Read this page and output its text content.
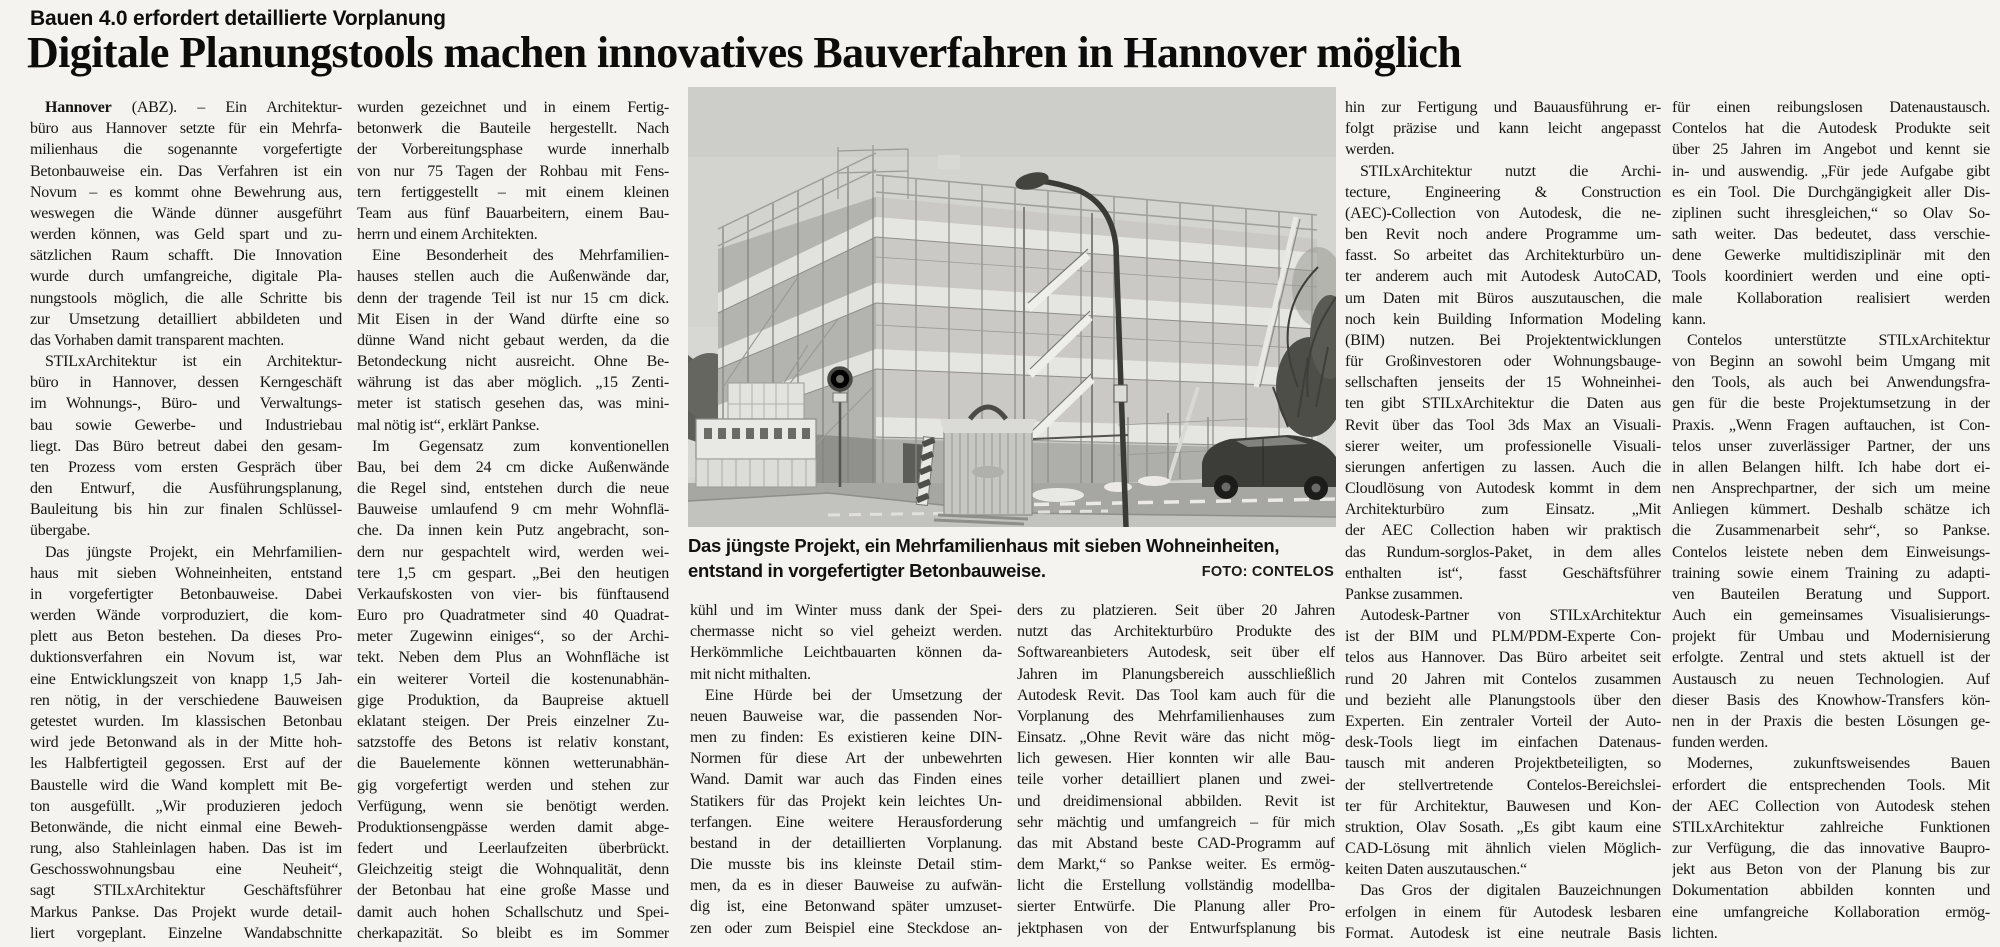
Bauen 4.0 erfordert detaillierte Vorplanung
Digitale Planungstools machen innovatives Bauverfahren in Hannover möglich
Hannover (ABZ). – Ein Architektur-
büro aus Hannover setzte für ein Mehrfa-
milienhaus die sogenannte vorgefertigte
Betonbauweise ein. Das Verfahren ist ein
Novum – es kommt ohne Bewehrung aus,
weswegen die Wände dünner ausgeführt
werden können, was Geld spart und zu-
sätzlichen Raum schafft. Die Innovation
wurde durch umfangreiche, digitale Pla-
nungstools möglich, die alle Schritte bis
zur Umsetzung detailliert abbildeten und
das Vorhaben damit transparent machten.
STILxArchitektur ist ein Architektur-
büro in Hannover, dessen Kerngeschäft
im Wohnungs-, Büro- und Verwaltungs-
bau sowie Gewerbe- und Industriebau
liegt. Das Büro betreut dabei den gesam-
ten Prozess vom ersten Gespräch über
den Entwurf, die Ausführungsplanung,
Bauleitung bis hin zur finalen Schlüssel-
übergabe.
Das jüngste Projekt, ein Mehrfamilien-
haus mit sieben Wohneinheiten, entstand
in vorgefertigter Betonbauweise. Dabei
werden Wände vorproduziert, die kom-
plett aus Beton bestehen. Da dieses Pro-
duktionsverfahren ein Novum ist, war
eine Entwicklungszeit von knapp 1,5 Jah-
ren nötig, in der verschiedene Bauweisen
getestet wurden. Im klassischen Betonbau
wird jede Betonwand als in der Mitte hoh-
les Halbfertigteil gegossen. Erst auf der
Baustelle wird die Wand komplett mit Be-
ton ausgefüllt. „Wir produzieren jedoch
Betonwände, die nicht einmal eine Beweh-
rung, also Stahleinlagen haben. Das ist im
Geschosswohnungsbau eine Neuheit“,
sagt STILxArchitektur Geschäftsführer
Markus Pankse. Das Projekt wurde detail-
liert vorgeplant. Einzelne Wandabschnitte
wurden gezeichnet und in einem Fertig-
betonwerk die Bauteile hergestellt. Nach
der Vorbereitungsphase wurde innerhalb
von nur 75 Tagen der Rohbau mit Fens-
tern fertiggestellt – mit einem kleinen
Team aus fünf Bauarbeitern, einem Bau-
herrn und einem Architekten.
Eine Besonderheit des Mehrfamilien-
hauses stellen auch die Außenwände dar,
denn der tragende Teil ist nur 15 cm dick.
Mit Eisen in der Wand dürfte eine so
dünne Wand nicht gebaut werden, da die
Betondeckung nicht ausreicht. Ohne Be-
währung ist das aber möglich. „15 Zenti-
meter ist statisch gesehen das, was mini-
mal nötig ist“, erklärt Pankse.
Im Gegensatz zum konventionellen
Bau, bei dem 24 cm dicke Außenwände
die Regel sind, entstehen durch die neue
Bauweise umlaufend 9 cm mehr Wohnflä-
che. Da innen kein Putz angebracht, son-
dern nur gespachtelt wird, werden wei-
tere 1,5 cm gespart. „Bei den heutigen
Verkaufskosten von vier- bis fünftausend
Euro pro Quadratmeter sind 40 Quadrat-
meter Zugewinn einiges“, so der Archi-
tekt. Neben dem Plus an Wohnfläche ist
ein weiterer Vorteil die kostenunabhän-
gige Produktion, da Baupreise aktuell
eklatant steigen. Der Preis einzelner Zu-
satzstoffe des Betons ist relativ konstant,
die Bauelemente können wetterunabhän-
gig vorgefertigt werden und stehen zur
Verfügung, wenn sie benötigt werden.
Produktionsengpässe werden damit abge-
federt und Leerlaufzeiten überbrückt.
Gleichzeitig steigt die Wohnqualität, denn
der Betonbau hat eine große Masse und
damit auch hohen Schallschutz und Spei-
cherkapazität. So bleibt es im Sommer
Das jüngste Projekt, ein Mehrfamilienhaus mit sieben Wohneinheiten, entstand in vorgefertigter Betonbauweise.	FOTO: CONTELOS
kühl und im Winter muss dank der Spei-
chermasse nicht so viel geheizt werden.
Herkömmliche Leichtbauarten können da-
mit nicht mithalten.
Eine Hürde bei der Umsetzung der
neuen Bauweise war, die passenden Nor-
men zu finden: Es existieren keine DIN-
Normen für diese Art der unbewehrten
Wand. Damit war auch das Finden eines
Statikers für das Projekt kein leichtes Un-
terfangen. Eine weitere Herausforderung
bestand in der detaillierten Vorplanung.
Die musste bis ins kleinste Detail stim-
men, da es in dieser Bauweise zu aufwän-
dig ist, eine Betonwand später umzuset-
zen oder zum Beispiel eine Steckdose an-
ders zu platzieren. Seit über 20 Jahren
nutzt das Architekturbüro Produkte des
Softwareanbieters Autodesk, seit über elf
Jahren im Planungsbereich ausschließlich
Autodesk Revit. Das Tool kam auch für die
Vorplanung des Mehrfamilienhauses zum
Einsatz. „Ohne Revit wäre das nicht mög-
lich gewesen. Hier konnten wir alle Bau-
teile vorher detailliert planen und zwei-
und dreidimensional abbilden. Revit ist
sehr mächtig und umfangreich – für mich
das mit Abstand beste CAD-Programm auf
dem Markt,“ so Pankse weiter. Es ermög-
licht die Erstellung vollständig modellba-
sierter Entwürfe. Die Planung aller Pro-
jektphasen von der Entwurfsplanung bis
hin zur Fertigung und Bauausführung er-
folgt präzise und kann leicht angepasst
werden.
STILxArchitektur nutzt die Archi-
tecture, Engineering & Construction
(AEC)-Collection von Autodesk, die ne-
ben Revit noch andere Programme um-
fasst. So arbeitet das Architekturbüro un-
ter anderem auch mit Autodesk AutoCAD,
um Daten mit Büros auszutauschen, die
noch kein Building Information Modeling
(BIM) nutzen. Bei Projektentwicklungen
für Großinvestoren oder Wohnungsbauge-
sellschaften jenseits der 15 Wohneinhei-
ten gibt STILxArchitektur die Daten aus
Revit über das Tool 3ds Max an Visuali-
sierer weiter, um professionelle Visuali-
sierungen anfertigen zu lassen. Auch die
Cloudlösung von Autodesk kommt in dem
Architekturbüro zum Einsatz. „Mit
der AEC Collection haben wir praktisch
das Rundum-sorglos-Paket, in dem alles
enthalten ist“, fasst Geschäftsführer
Pankse zusammen.
Autodesk-Partner von STILxArchitektur
ist der BIM und PLM/PDM-Experte Con-
telos aus Hannover. Das Büro arbeitet seit
rund 20 Jahren mit Contelos zusammen
und bezieht alle Planungstools über den
Experten. Ein zentraler Vorteil der Auto-
desk-Tools liegt im einfachen Datenaus-
tausch mit anderen Projektbeteiligten, so
der stellvertretende Contelos-Bereichslei-
ter für Architektur, Bauwesen und Kon-
struktion, Olav Sosath. „Es gibt kaum eine
CAD-Lösung mit ähnlich vielen Möglich-
keiten Daten auszutauschen.“
Das Gros der digitalen Bauzeichnungen
erfolgen in einem für Autodesk lesbaren
Format. Autodesk ist eine neutrale Basis
für einen reibungslosen Datenaustausch.
Contelos hat die Autodesk Produkte seit
über 25 Jahren im Angebot und kennt sie
in- und auswendig. „Für jede Aufgabe gibt
es ein Tool. Die Durchgängigkeit aller Dis-
ziplinen sucht ihresgleichen,“ so Olav So-
sath weiter. Das bedeutet, dass verschie-
dene Gewerke multidisziplinär mit den
Tools koordiniert werden und eine opti-
male Kollaboration realisiert werden
kann.
Contelos unterstützte STILxArchitektur
von Beginn an sowohl beim Umgang mit
den Tools, als auch bei Anwendungsfra-
gen für die beste Projektumsetzung in der
Praxis. „Wenn Fragen auftauchen, ist Con-
telos unser zuverlässiger Partner, der uns
in allen Belangen hilft. Ich habe dort ei-
nen Ansprechpartner, der sich um meine
Anliegen kümmert. Deshalb schätze ich
die Zusammenarbeit sehr“, so Pankse.
Contelos leistete neben dem Einweisungs-
training sowie einem Training zu adapti-
ven Bauteilen Beratung und Support.
Auch ein gemeinsames Visualisierungs-
projekt für Umbau und Modernisierung
erfolgte. Zentral und stets aktuell ist der
Austausch zu neuen Technologien. Auf
dieser Basis des Knowhow-Transfers kön-
nen in der Praxis die besten Lösungen ge-
funden werden.
Modernes, zukunftsweisendes Bauen
erfordert die entsprechenden Tools. Mit
der AEC Collection von Autodesk stehen
STILxArchitektur zahlreiche Funktionen
zur Verfügung, die das innovative Baupro-
jekt aus Beton von der Planung bis zur
Dokumentation abbilden konnten und
eine umfangreiche Kollaboration ermög-
lichten.
